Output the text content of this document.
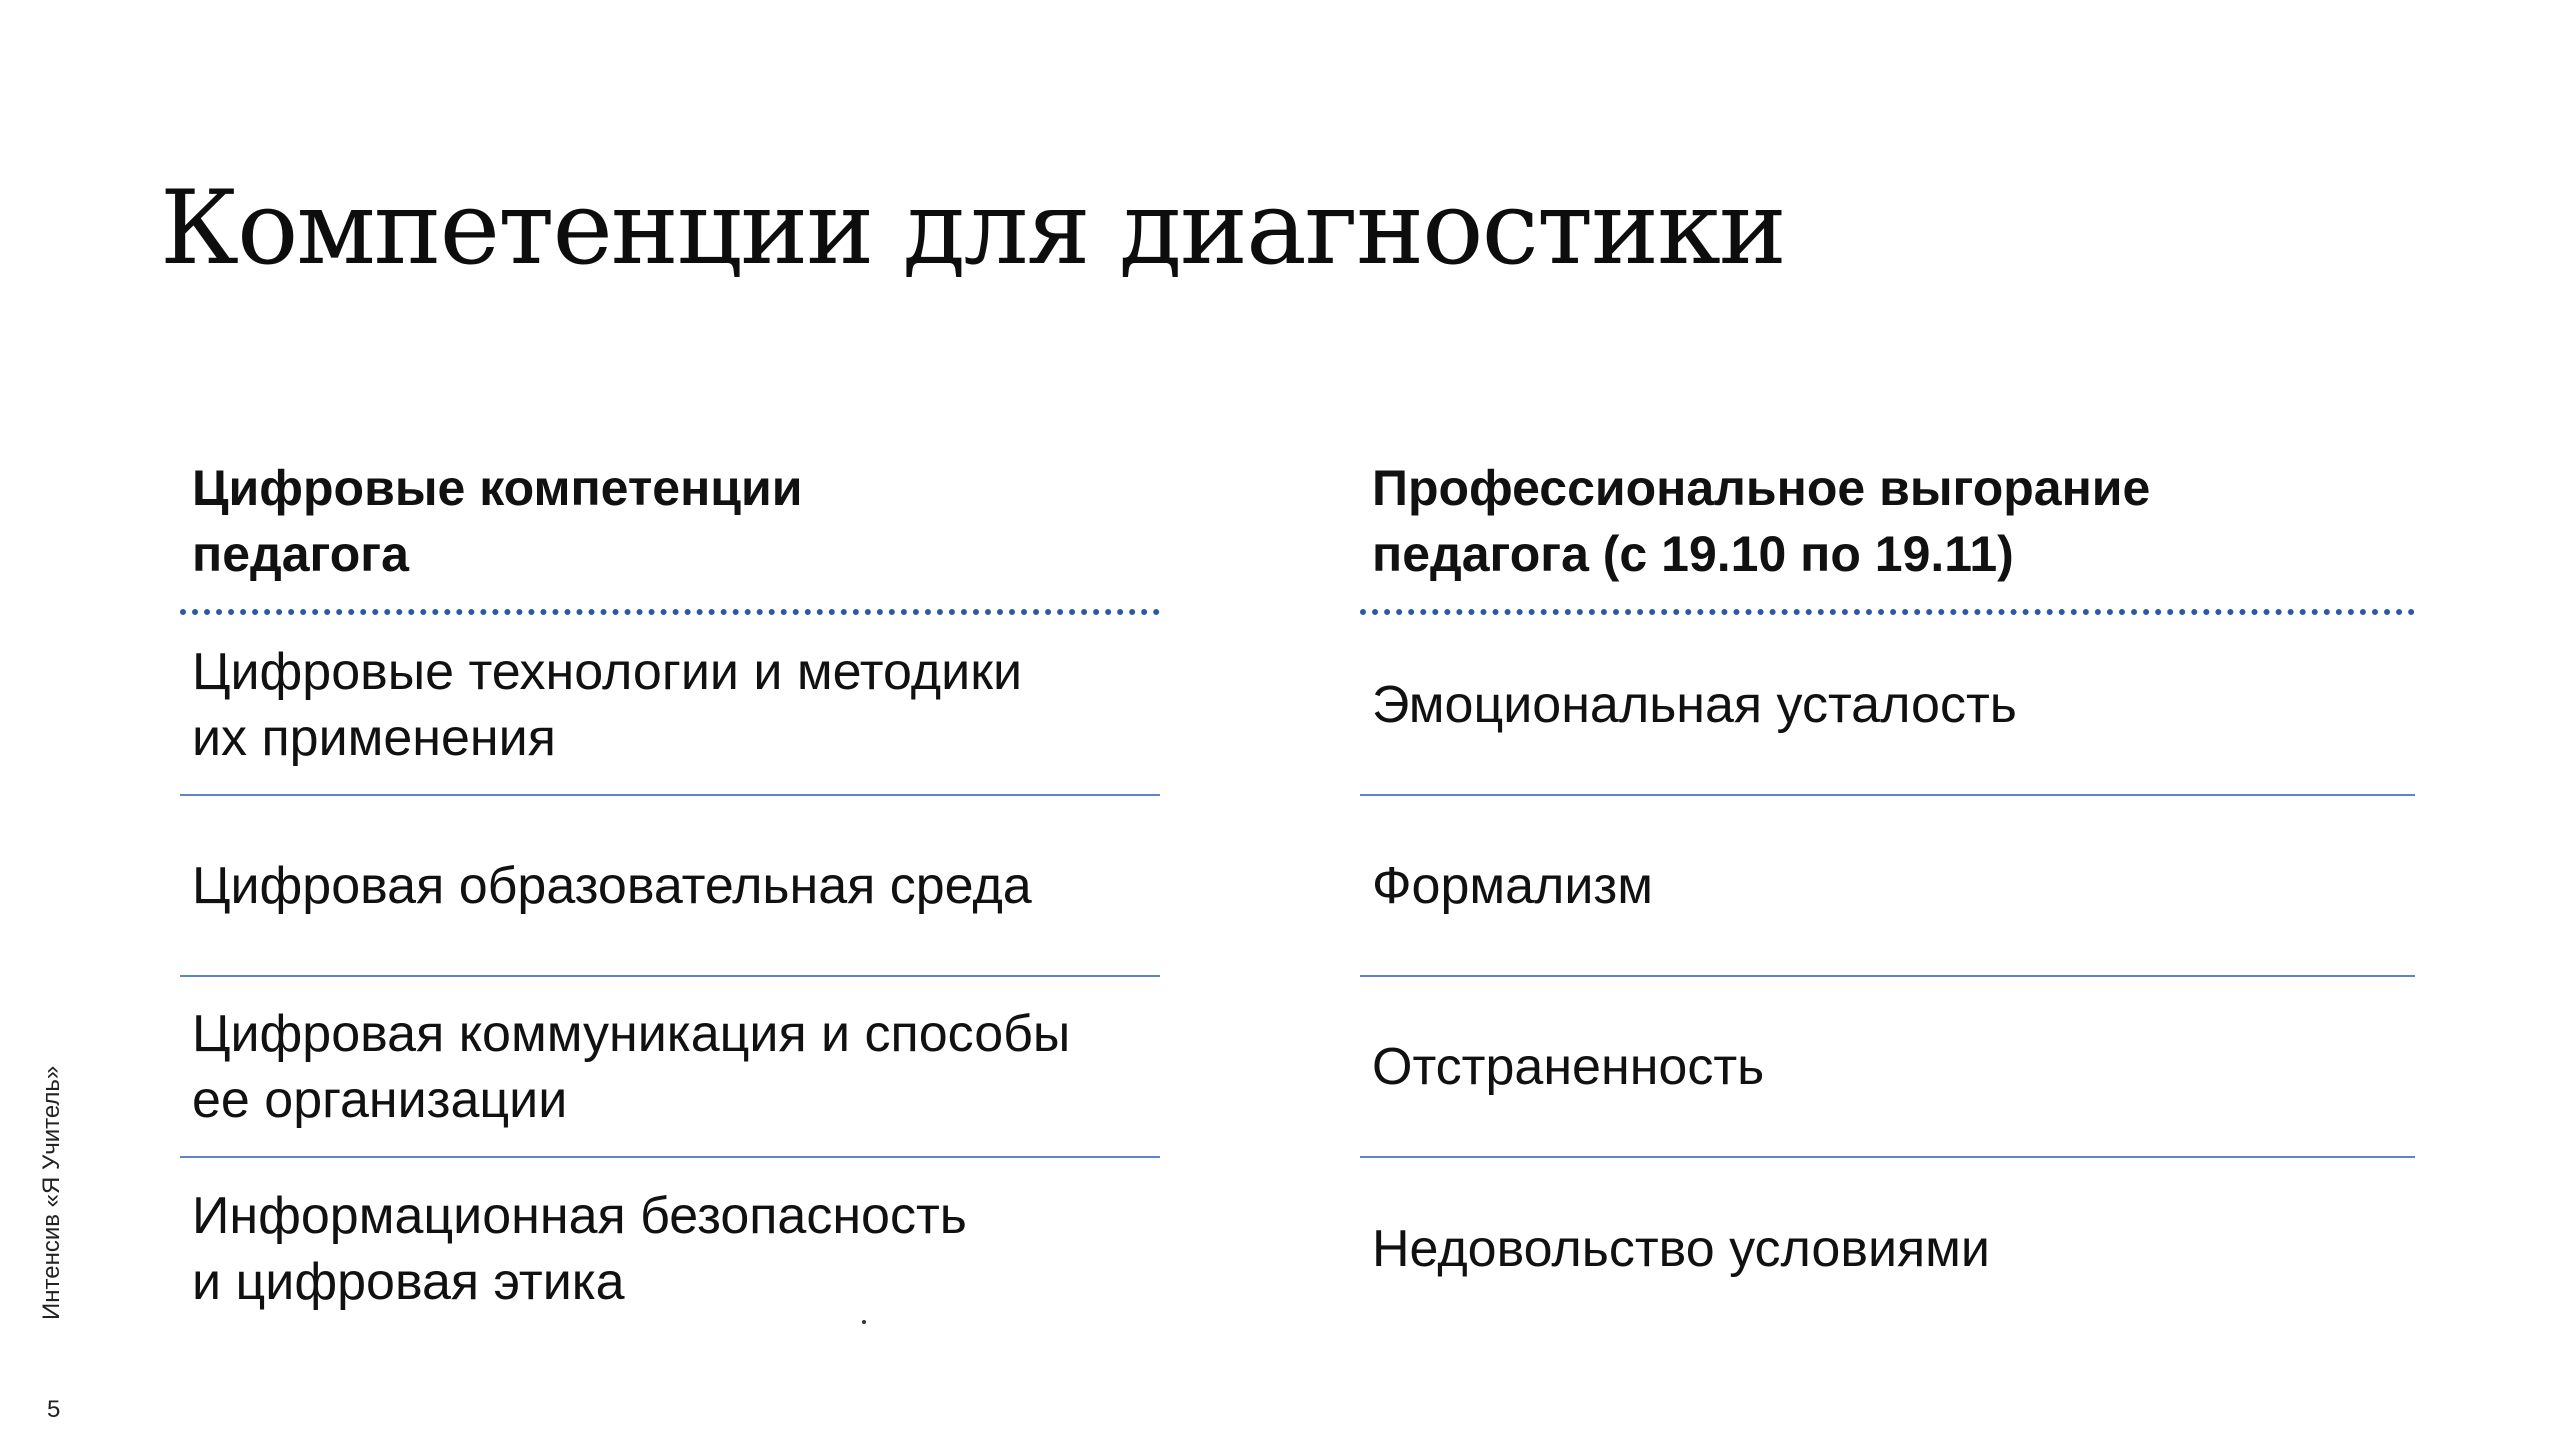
Компетенции для диагностики
Цифровые компетенции
педагога
Цифровые технологии и методики
их применения
Цифровая образовательная среда
Цифровая коммуникация и способы
ее организации
Информационная безопасность
и цифровая этика
Профессиональное выгорание
педагога (с 19.10 по 19.11)
Эмоциональная усталость
Формализм
Отстраненность
Недовольство условиями
Интенсив «Я Учитель»
5
